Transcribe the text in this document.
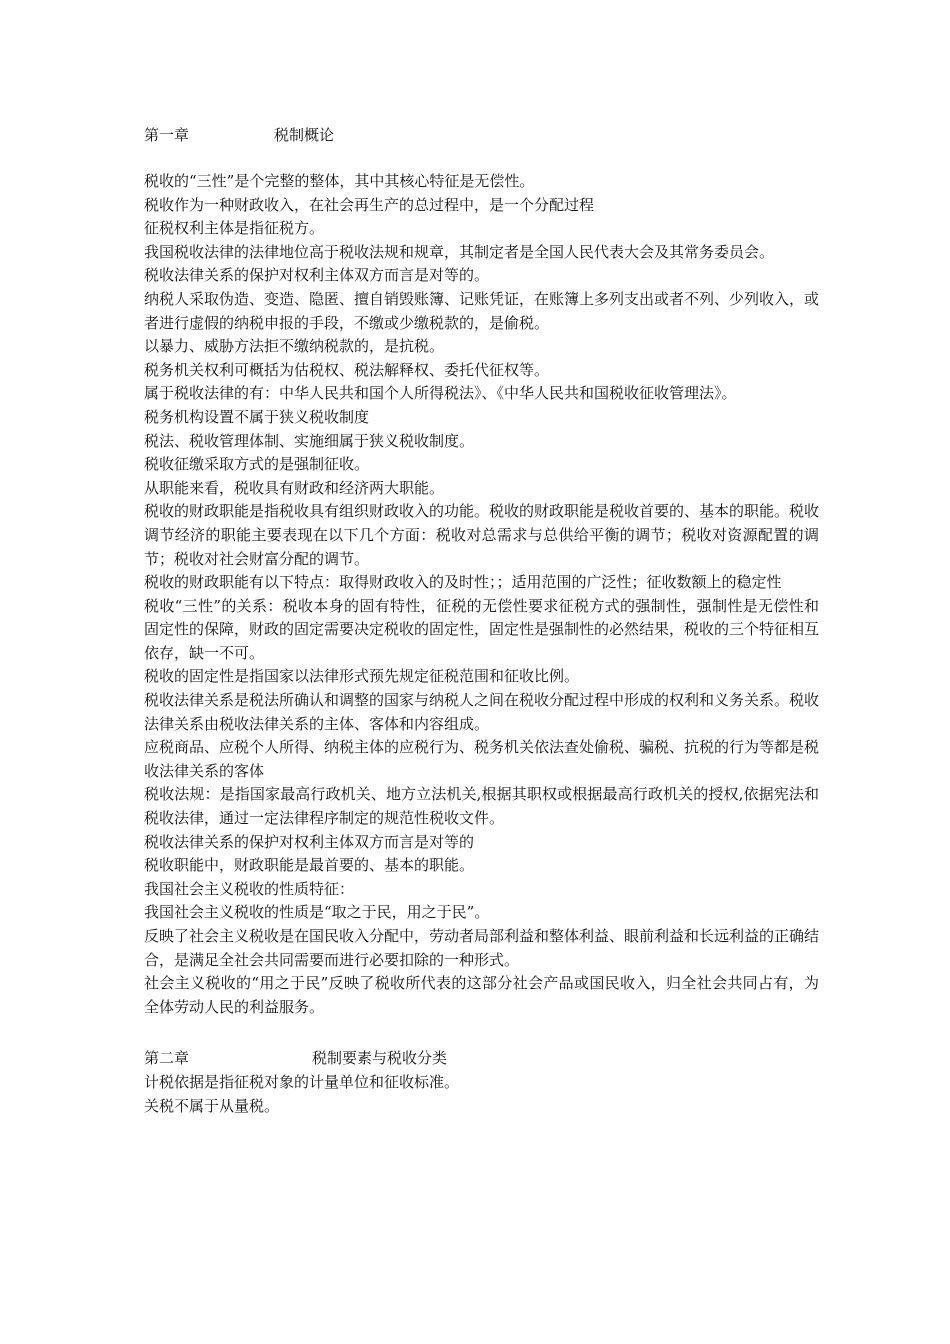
第一章	税制概论

税收的“三性”是个完整的整体，其中其核心特征是无偿性。

税收作为一种财政收入，在社会再生产的总过程中，是一个分配过程

征税权利主体是指征税方。

我国税收法律的法律地位高于税收法规和规章，其制定者是全国人民代表大会及其常务委员会。

税收法律关系的保护对权利主体双方而言是对等的。

纳税人采取伪造、变造、隐匿、擅自销毁账簿、记账凭证，在账簿上多列支出或者不列、少列收入，或者进行虚假的纳税申报的手段，不缴或少缴税款的，是偷税。

以暴力、威胁方法拒不缴纳税款的，是抗税。

税务机关权利可概括为估税权、税法解释权、委托代征权等。

属于税收法律的有：中华人民共和国个人所得税法》、《中华人民共和国税收征收管理法》。

税务机构设置不属于狭义税收制度

税法、税收管理体制、实施细属于狭义税收制度。

税收征缴采取方式的是强制征收。

从职能来看，税收具有财政和经济两大职能。

税收的财政职能是指税收具有组织财政收入的功能。税收的财政职能是税收首要的、基本的职能。税收调节经济的职能主要表现在以下几个方面：税收对总需求与总供给平衡的调节；税收对资源配置的调节；税收对社会财富分配的调节。

税收的财政职能有以下特点：取得财政收入的及时性；；适用范围的广泛性；征收数额上的稳定性

税收“三性”的关系：税收本身的固有特性，征税的无偿性要求征税方式的强制性，强制性是无偿性和固定性的保障，财政的固定需要决定税收的固定性，固定性是强制性的必然结果，税收的三个特征相互依存，缺一不可。

税收的固定性是指国家以法律形式预先规定征税范围和征收比例。

税收法律关系是税法所确认和调整的国家与纳税人之间在税收分配过程中形成的权利和义务关系。税收法律关系由税收法律关系的主体、客体和内容组成。

应税商品、应税个人所得、纳税主体的应税行为、税务机关依法查处偷税、骗税、抗税的行为等都是税收法律关系的客体

税收法规：是指国家最高行政机关、地方立法机关,根据其职权或根据最高行政机关的授权,依据宪法和税收法律，通过一定法律程序制定的规范性税收文件。

税收法律关系的保护对权利主体双方而言是对等的

税收职能中，财政职能是最首要的、基本的职能。

我国社会主义税收的性质特征：

我国社会主义税收的性质是“取之于民，用之于民”。

反映了社会主义税收是在国民收入分配中，劳动者局部利益和整体利益、眼前利益和长远利益的正确结合，是满足全社会共同需要而进行必要扣除的一种形式。

社会主义税收的“用之于民”反映了税收所代表的这部分社会产品或国民收入，归全社会共同占有，为全体劳动人民的利益服务。

第二章	税制要素与税收分类

计税依据是指征税对象的计量单位和征收标准。

关税不属于从量税。
